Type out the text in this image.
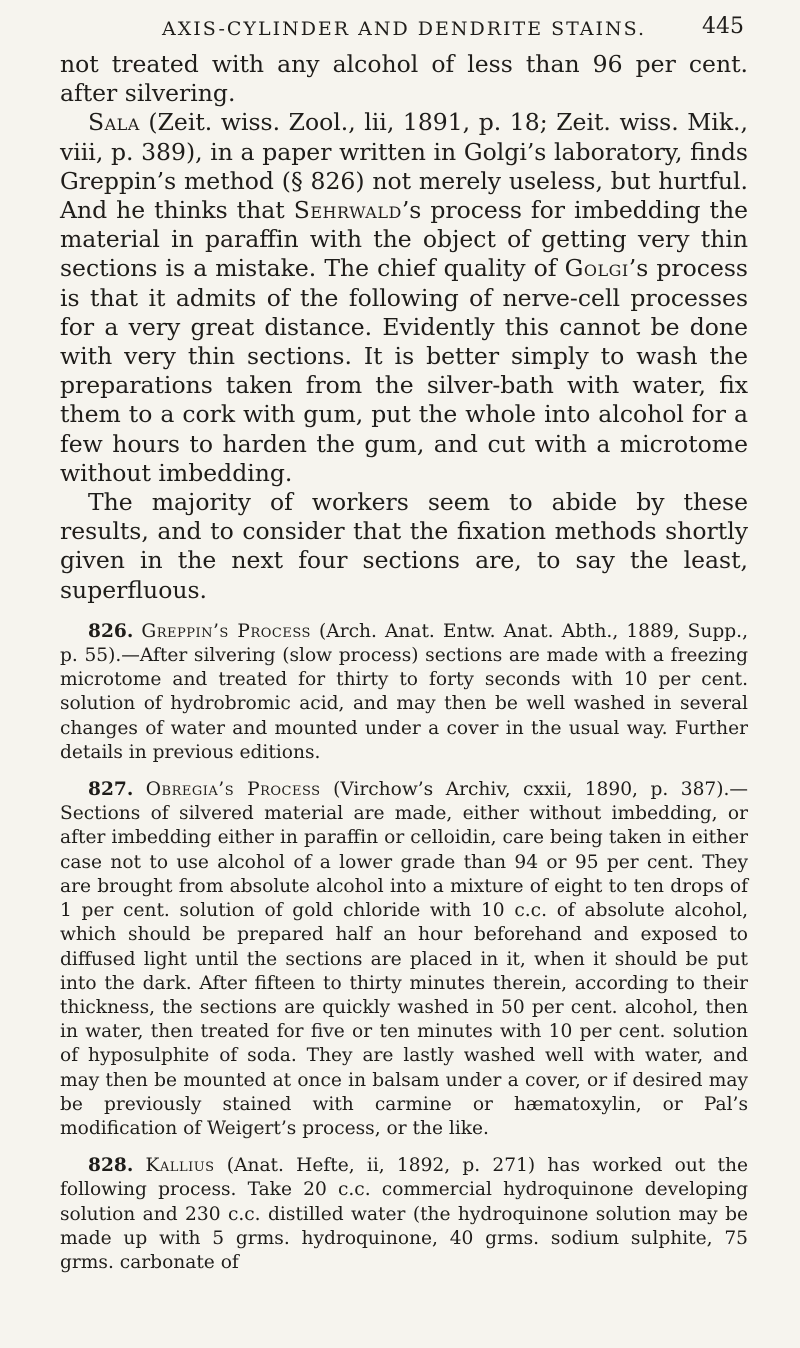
AXIS-CYLINDER AND DENDRITE STAINS.	445

not treated with any alcohol of less than 96 per cent. after silvering.

Sala (Zeit. wiss. Zool., lii, 1891, p. 18; Zeit. wiss. Mik., viii, p. 389), in a paper written in Golgi’s laboratory, finds Greppin’s method (§ 826) not merely useless, but hurtful. And he thinks that Sehrwald’s process for imbedding the material in paraffin with the object of getting very thin sections is a mistake. The chief quality of Golgi’s process is that it admits of the following of nerve-cell processes for a very great distance. Evidently this cannot be done with very thin sections. It is better simply to wash the preparations taken from the silver-bath with water, fix them to a cork with gum, put the whole into alcohol for a few hours to harden the gum, and cut with a microtome without imbedding.

The majority of workers seem to abide by these results, and to consider that the fixation methods shortly given in the next four sections are, to say the least, superfluous.

826. Greppin’s Process (Arch. Anat. Entw. Anat. Abth., 1889, Supp., p. 55).—After silvering (slow process) sections are made with a freezing microtome and treated for thirty to forty seconds with 10 per cent. solution of hydrobromic acid, and may then be well washed in several changes of water and mounted under a cover in the usual way. Further details in previous editions.

827. Obregia’s Process (Virchow’s Archiv, cxxii, 1890, p. 387).—Sections of silvered material are made, either without imbedding, or after imbedding either in paraffin or celloidin, care being taken in either case not to use alcohol of a lower grade than 94 or 95 per cent. They are brought from absolute alcohol into a mixture of eight to ten drops of 1 per cent. solution of gold chloride with 10 c.c. of absolute alcohol, which should be prepared half an hour beforehand and exposed to diffused light until the sections are placed in it, when it should be put into the dark. After fifteen to thirty minutes therein, according to their thickness, the sections are quickly washed in 50 per cent. alcohol, then in water, then treated for five or ten minutes with 10 per cent. solution of hyposulphite of soda. They are lastly washed well with water, and may then be mounted at once in balsam under a cover, or if desired may be previously stained with carmine or hæmatoxylin, or Pal’s modification of Weigert’s process, or the like.

828. Kallius (Anat. Hefte, ii, 1892, p. 271) has worked out the following process. Take 20 c.c. commercial hydroquinone developing solution and 230 c.c. distilled water (the hydroquinone solution may be made up with 5 grms. hydroquinone, 40 grms. sodium sulphite, 75 grms. carbonate of
